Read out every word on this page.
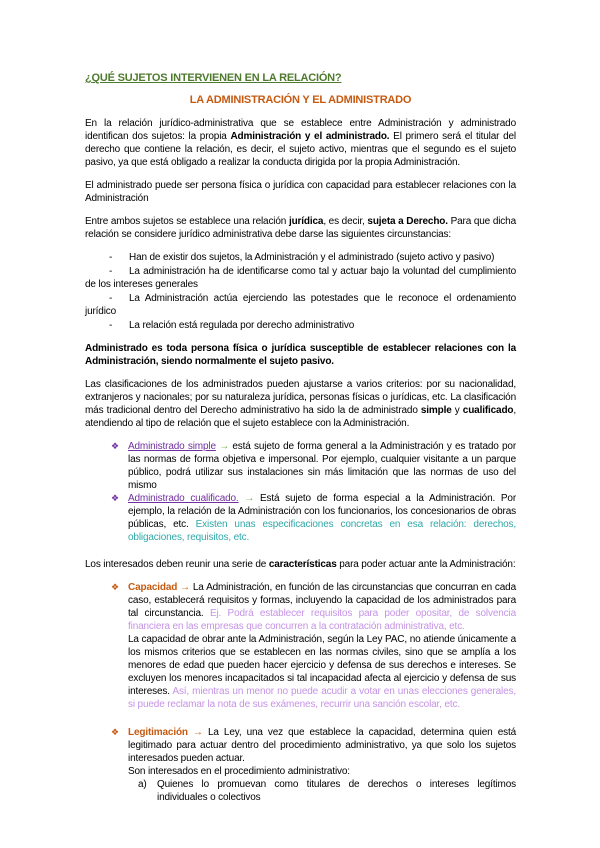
¿QUÉ SUJETOS INTERVIENEN EN LA RELACIÓN?
LA ADMINISTRACIÓN Y EL ADMINISTRADO

En la relación jurídico-administrativa que se establece entre Administración y administrado identifican dos sujetos: la propia Administración y el administrado. El primero será el titular del derecho que contiene la relación, es decir, el sujeto activo, mientras que el segundo es el sujeto pasivo, ya que está obligado a realizar la conducta dirigida por la propia Administración.

El administrado puede ser persona física o jurídica con capacidad para establecer relaciones con la Administración

Entre ambos sujetos se establece una relación jurídica, es decir, sujeta a Derecho. Para que dicha relación se considere jurídico administrativa debe darse las siguientes circunstancias:

- Han de existir dos sujetos, la Administración y el administrado (sujeto activo y pasivo)
- La administración ha de identificarse como tal y actuar bajo la voluntad del cumplimiento de los intereses generales
- La Administración actúa ejerciendo las potestades que le reconoce el ordenamiento jurídico
- La relación está regulada por derecho administrativo

Administrado es toda persona física o jurídica susceptible de establecer relaciones con la Administración, siendo normalmente el sujeto pasivo.

Las clasificaciones de los administrados pueden ajustarse a varios criterios: por su nacionalidad, extranjeros y nacionales; por su naturaleza jurídica, personas físicas o jurídicas, etc. La clasificación más tradicional dentro del Derecho administrativo ha sido la de administrado simple y cualificado, atendiendo al tipo de relación que el sujeto establece con la Administración.

❖ Administrado simple → está sujeto de forma general a la Administración y es tratado por las normas de forma objetiva e impersonal. Por ejemplo, cualquier visitante a un parque público, podrá utilizar sus instalaciones sin más limitación que las normas de uso del mismo
❖ Administrado cualificado. → Está sujeto de forma especial a la Administración. Por ejemplo, la relación de la Administración con los funcionarios, los concesionarios de obras públicas, etc. Existen unas especificaciones concretas en esa relación: derechos, obligaciones, requisitos, etc.

Los interesados deben reunir una serie de características para poder actuar ante la Administración:

❖ Capacidad → La Administración, en función de las circunstancias que concurran en cada caso, establecerá requisitos y formas, incluyendo la capacidad de los administrados para tal circunstancia. Ej. Podrá establecer requisitos para poder opositar, de solvencia financiera en las empresas que concurren a la contratación administrativa, etc.
La capacidad de obrar ante la Administración, según la Ley PAC, no atiende únicamente a los mismos criterios que se establecen en las normas civiles, sino que se amplía a los menores de edad que pueden hacer ejercicio y defensa de sus derechos e intereses. Se excluyen los menores incapacitados si tal incapacidad afecta al ejercicio y defensa de sus intereses. Así, mientras un menor no puede acudir a votar en unas elecciones generales, si puede reclamar la nota de sus exámenes, recurrir una sanción escolar, etc.
❖ Legitimación → La Ley, una vez que establece la capacidad, determina quien está legitimado para actuar dentro del procedimiento administrativo, ya que solo los sujetos interesados pueden actuar.
Son interesados en el procedimiento administrativo:
a)	Quienes lo promuevan como titulares de derechos o intereses legítimos individuales o colectivos
